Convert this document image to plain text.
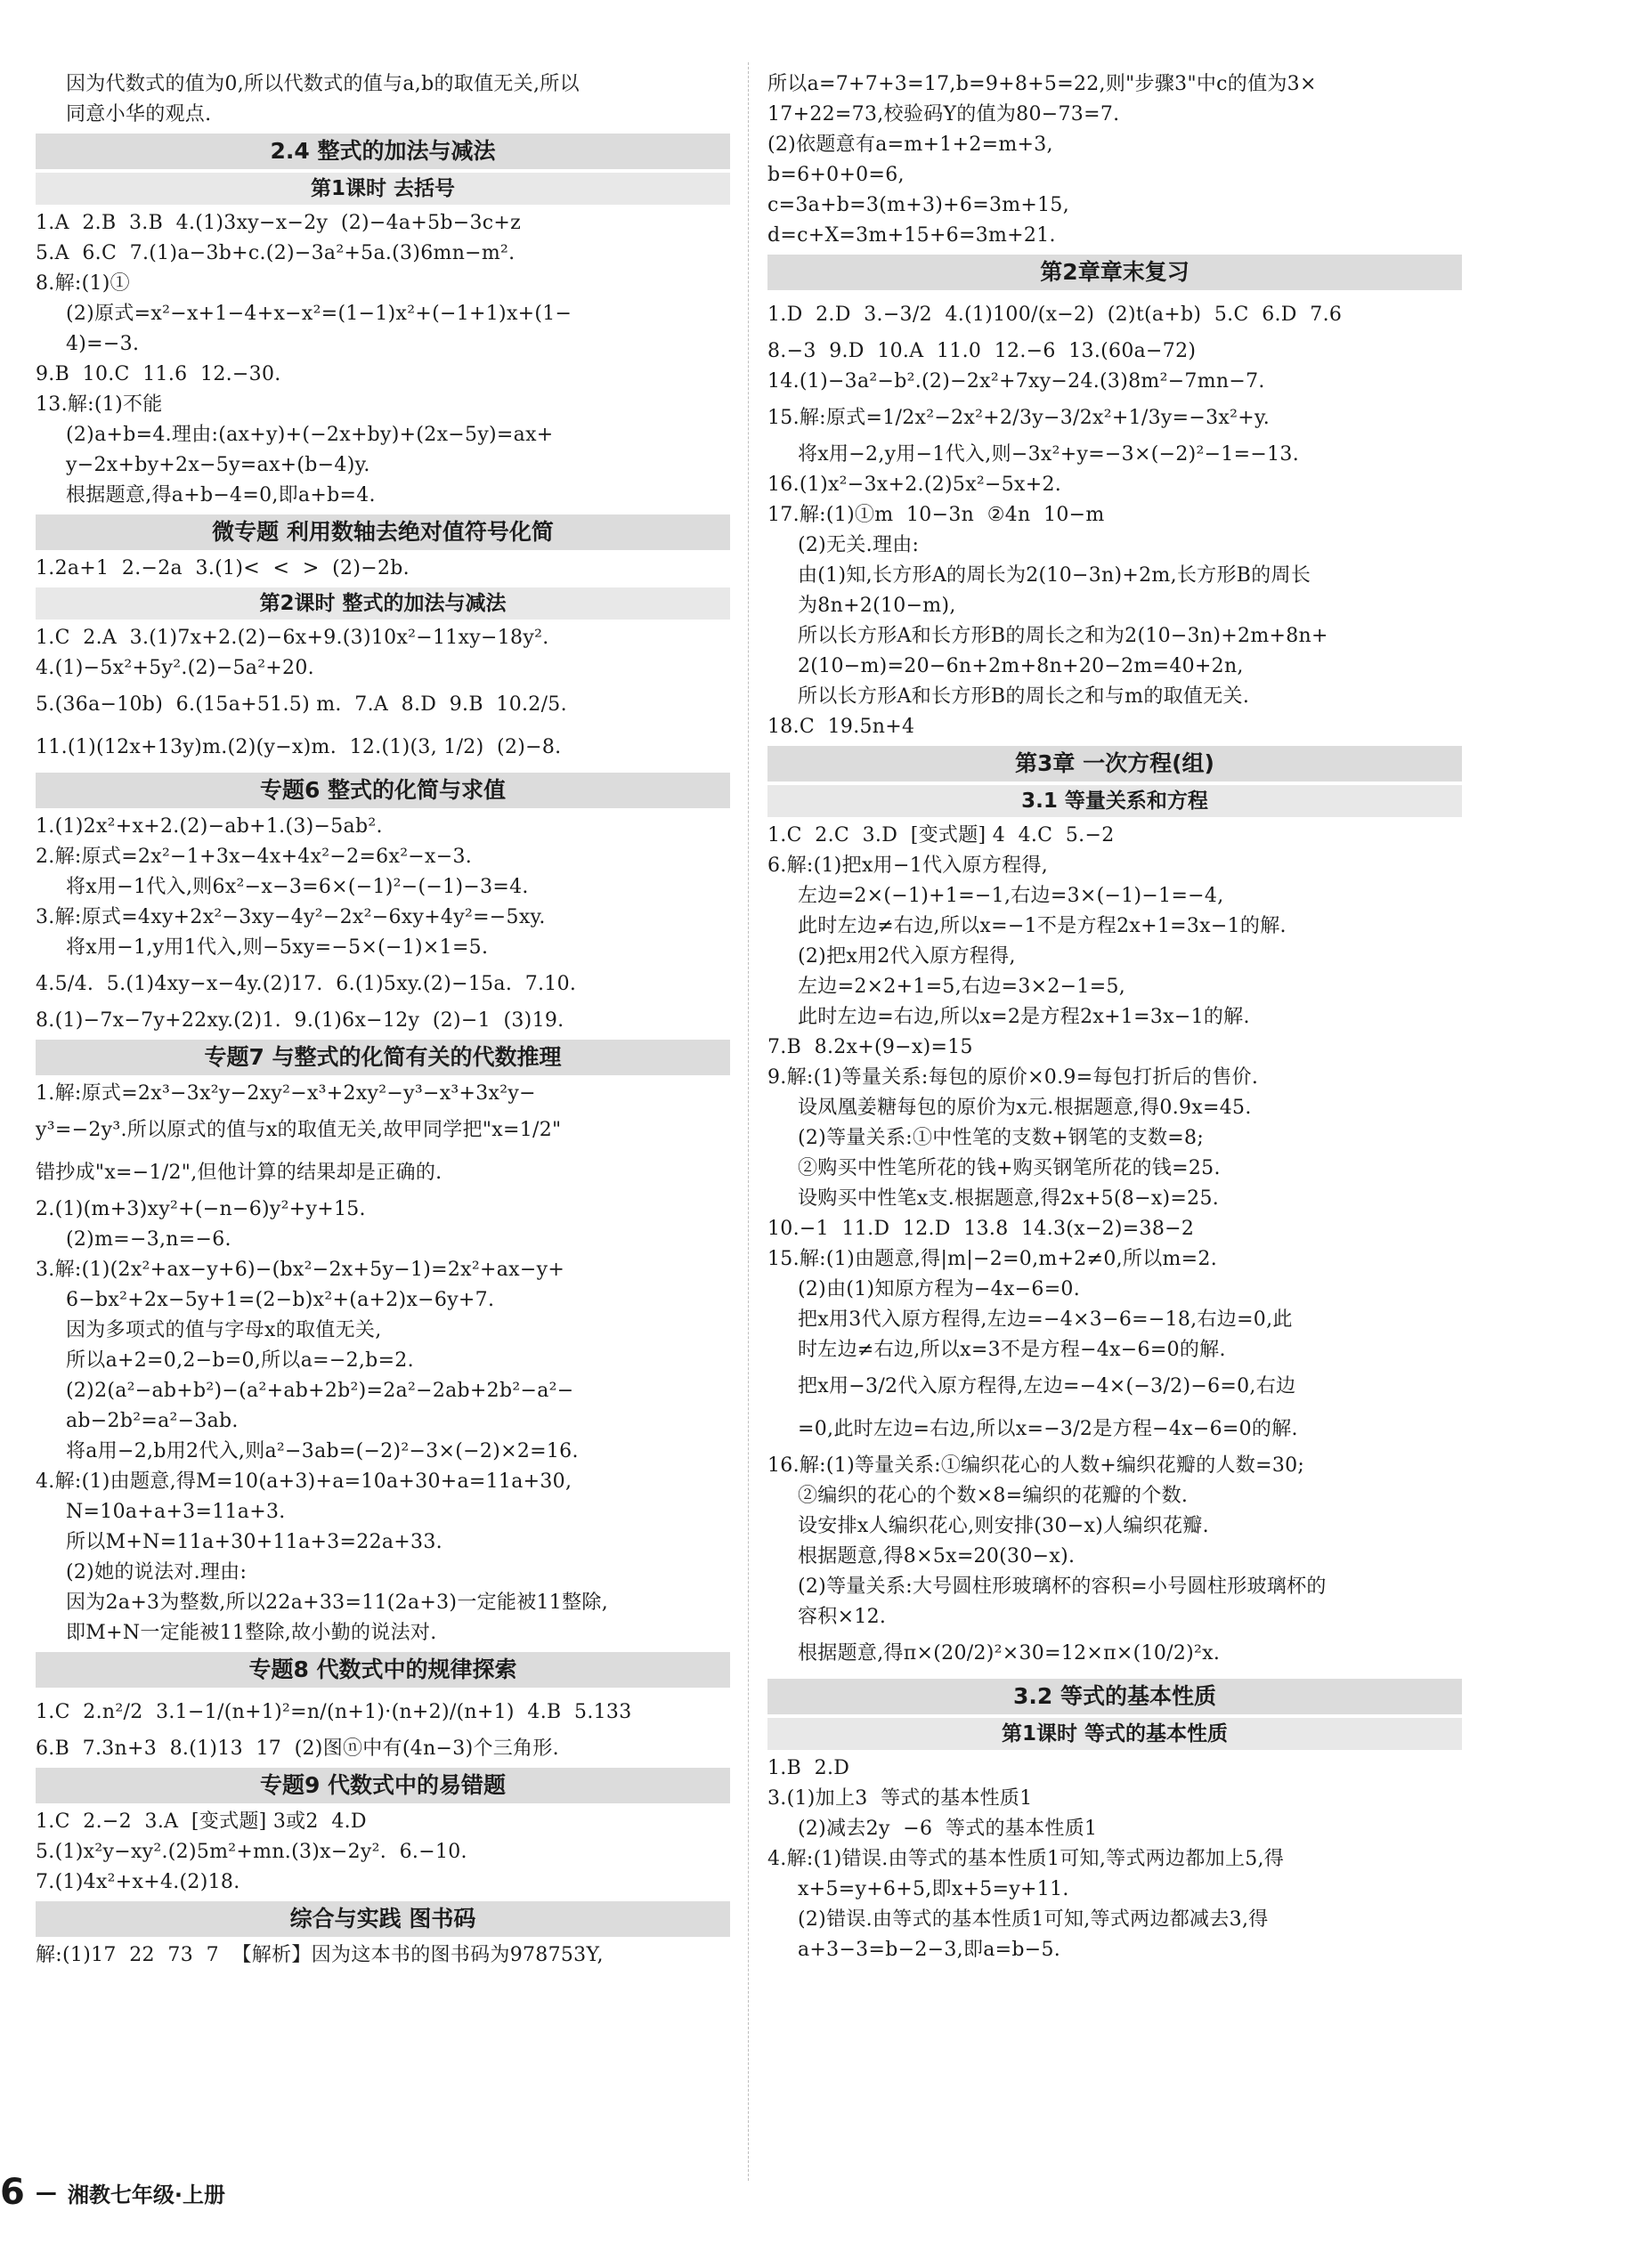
因为代数式的值为0,所以代数式的值与a,b的取值无关,所以
同意小华的观点.
2.4 整式的加法与减法
第1课时 去括号
1.A  2.B  3.B  4.(1)3xy−x−2y  (2)−4a+5b−3c+z
5.A  6.C  7.(1)a−3b+c.(2)−3a²+5a.(3)6mn−m².
8.解:(1)①
(2)原式=x²−x+1−4+x−x²=(1−1)x²+(−1+1)x+(1−
4)=−3.
9.B  10.C  11.6  12.−30.
13.解:(1)不能
(2)a+b=4.理由:(ax+y)+(−2x+by)+(2x−5y)=ax+
y−2x+by+2x−5y=ax+(b−4)y.
根据题意,得a+b−4=0,即a+b=4.
微专题 利用数轴去绝对值符号化简
1.2a+1  2.−2a  3.(1)<  <  >  (2)−2b.
第2课时 整式的加法与减法
1.C  2.A  3.(1)7x+2.(2)−6x+9.(3)10x²−11xy−18y².
4.(1)−5x²+5y².(2)−5a²+20.
5.(36a−10b)  6.(15a+51.5) m.  7.A  8.D  9.B  10.2/5.
11.(1)(12x+13y)m.(2)(y−x)m.  12.(1)(3, 1/2)  (2)−8.
专题6 整式的化简与求值
1.(1)2x²+x+2.(2)−ab+1.(3)−5ab².
2.解:原式=2x²−1+3x−4x+4x²−2=6x²−x−3.
将x用−1代入,则6x²−x−3=6×(−1)²−(−1)−3=4.
3.解:原式=4xy+2x²−3xy−4y²−2x²−6xy+4y²=−5xy.
将x用−1,y用1代入,则−5xy=−5×(−1)×1=5.
4.5/4.  5.(1)4xy−x−4y.(2)17.  6.(1)5xy.(2)−15a.  7.10.
8.(1)−7x−7y+22xy.(2)1.  9.(1)6x−12y  (2)−1  (3)19.
专题7 与整式的化简有关的代数推理
1.解:原式=2x³−3x²y−2xy²−x³+2xy²−y³−x³+3x²y−
y³=−2y³.所以原式的值与x的取值无关,故甲同学把"x=1/2"
错抄成"x=−1/2",但他计算的结果却是正确的.
2.(1)(m+3)xy²+(−n−6)y²+y+15.
(2)m=−3,n=−6.
3.解:(1)(2x²+ax−y+6)−(bx²−2x+5y−1)=2x²+ax−y+
6−bx²+2x−5y+1=(2−b)x²+(a+2)x−6y+7.
因为多项式的值与字母x的取值无关,
所以a+2=0,2−b=0,所以a=−2,b=2.
(2)2(a²−ab+b²)−(a²+ab+2b²)=2a²−2ab+2b²−a²−
ab−2b²=a²−3ab.
将a用−2,b用2代入,则a²−3ab=(−2)²−3×(−2)×2=16.
4.解:(1)由题意,得M=10(a+3)+a=10a+30+a=11a+30,
N=10a+a+3=11a+3.
所以M+N=11a+30+11a+3=22a+33.
(2)她的说法对.理由:
因为2a+3为整数,所以22a+33=11(2a+3)一定能被11整除,
即M+N一定能被11整除,故小勤的说法对.
专题8 代数式中的规律探索
1.C  2.n²/2  3.1−1/(n+1)²=n/(n+1)·(n+2)/(n+1)  4.B  5.133
6.B  7.3n+3  8.(1)13  17  (2)图ⓝ中有(4n−3)个三角形.
专题9 代数式中的易错题
1.C  2.−2  3.A  [变式题] 3或2  4.D
5.(1)x²y−xy².(2)5m²+mn.(3)x−2y².  6.−10.
7.(1)4x²+x+4.(2)18.
综合与实践 图书码
解:(1)17  22  73  7  【解析】因为这本书的图书码为978753Y,
所以a=7+7+3=17,b=9+8+5=22,则"步骤3"中c的值为3×
17+22=73,校验码Y的值为80−73=7.
(2)依题意有a=m+1+2=m+3,
b=6+0+0=6,
c=3a+b=3(m+3)+6=3m+15,
d=c+X=3m+15+6=3m+21.
第2章章末复习
1.D  2.D  3.−3/2  4.(1)100/(x−2)  (2)t(a+b)  5.C  6.D  7.6
8.−3  9.D  10.A  11.0  12.−6  13.(60a−72)
14.(1)−3a²−b².(2)−2x²+7xy−24.(3)8m²−7mn−7.
15.解:原式=1/2x²−2x²+2/3y−3/2x²+1/3y=−3x²+y.
将x用−2,y用−1代入,则−3x²+y=−3×(−2)²−1=−13.
16.(1)x²−3x+2.(2)5x²−5x+2.
17.解:(1)①m  10−3n  ②4n  10−m
(2)无关.理由:
由(1)知,长方形A的周长为2(10−3n)+2m,长方形B的周长
为8n+2(10−m),
所以长方形A和长方形B的周长之和为2(10−3n)+2m+8n+
2(10−m)=20−6n+2m+8n+20−2m=40+2n,
所以长方形A和长方形B的周长之和与m的取值无关.
18.C  19.5n+4
第3章 一次方程(组)
3.1 等量关系和方程
1.C  2.C  3.D  [变式题] 4  4.C  5.−2
6.解:(1)把x用−1代入原方程得,
左边=2×(−1)+1=−1,右边=3×(−1)−1=−4,
此时左边≠右边,所以x=−1不是方程2x+1=3x−1的解.
(2)把x用2代入原方程得,
左边=2×2+1=5,右边=3×2−1=5,
此时左边=右边,所以x=2是方程2x+1=3x−1的解.
7.B  8.2x+(9−x)=15
9.解:(1)等量关系:每包的原价×0.9=每包打折后的售价.
设凤凰姜糖每包的原价为x元.根据题意,得0.9x=45.
(2)等量关系:①中性笔的支数+钢笔的支数=8;
②购买中性笔所花的钱+购买钢笔所花的钱=25.
设购买中性笔x支.根据题意,得2x+5(8−x)=25.
10.−1  11.D  12.D  13.8  14.3(x−2)=38−2
15.解:(1)由题意,得|m|−2=0,m+2≠0,所以m=2.
(2)由(1)知原方程为−4x−6=0.
把x用3代入原方程得,左边=−4×3−6=−18,右边=0,此
时左边≠右边,所以x=3不是方程−4x−6=0的解.
把x用−3/2代入原方程得,左边=−4×(−3/2)−6=0,右边
=0,此时左边=右边,所以x=−3/2是方程−4x−6=0的解.
16.解:(1)等量关系:①编织花心的人数+编织花瓣的人数=30;
②编织的花心的个数×8=编织的花瓣的个数.
设安排x人编织花心,则安排(30−x)人编织花瓣.
根据题意,得8×5x=20(30−x).
(2)等量关系:大号圆柱形玻璃杯的容积=小号圆柱形玻璃杯的
容积×12.
根据题意,得π×(20/2)²×30=12×π×(10/2)²x.
3.2 等式的基本性质
第1课时 等式的基本性质
1.B  2.D
3.(1)加上3  等式的基本性质1
(2)减去2y  −6  等式的基本性质1
4.解:(1)错误.由等式的基本性质1可知,等式两边都加上5,得
x+5=y+6+5,即x+5=y+11.
(2)错误.由等式的基本性质1可知,等式两边都减去3,得
a+3−3=b−2−3,即a=b−5.
6 — 湘教七年级·上册
